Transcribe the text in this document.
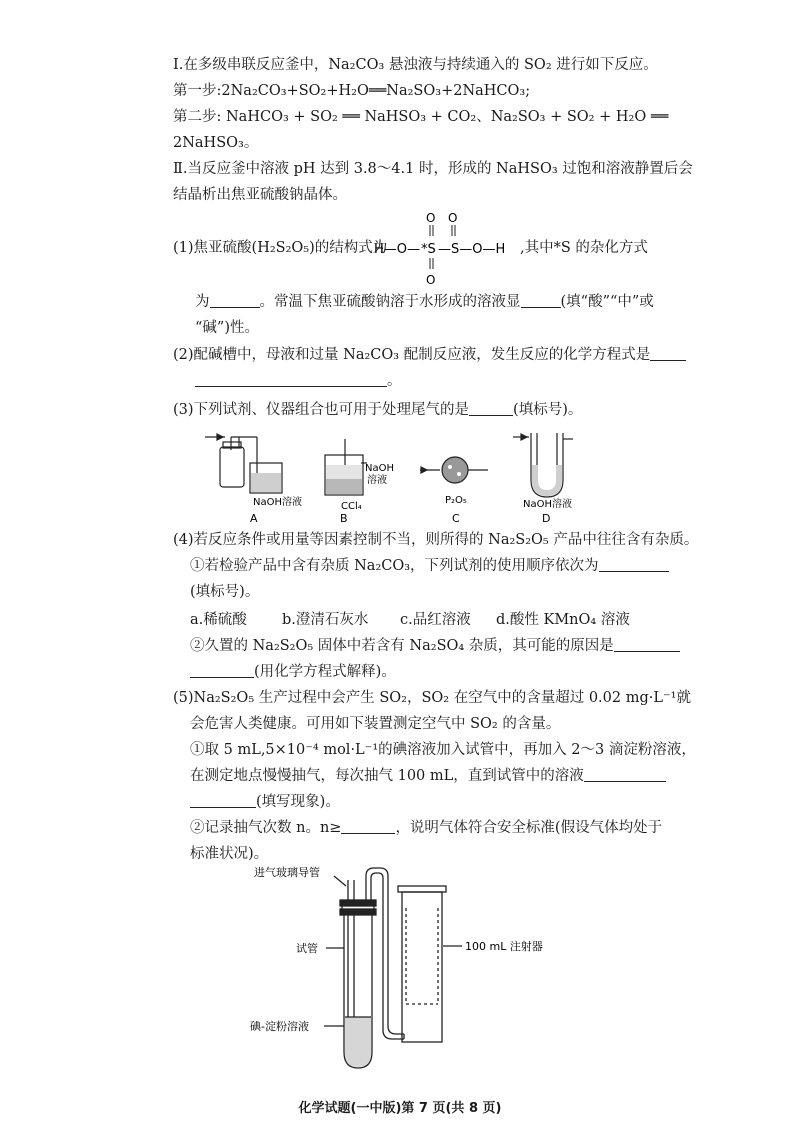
Ⅰ.在多级串联反应釜中，Na₂CO₃ 悬浊液与持续通入的 SO₂ 进行如下反应。
第一步:2Na₂CO₃+SO₂+H₂O══Na₂SO₃+2NaHCO₃;
第二步: NaHCO₃ + SO₂ ══ NaHSO₃ + CO₂、Na₂SO₃ + SO₂ + H₂O ══
2NaHSO₃。
Ⅱ.当反应釜中溶液 pH 达到 3.8～4.1 时，形成的 NaHSO₃ 过饱和溶液静置后会
结晶析出焦亚硫酸钠晶体。
(1)焦亚硫酸(H₂S₂O₅)的结构式为
O O
H—O— *S —S—O—H
O
,其中*S 的杂化方式
为	。常温下焦亚硫酸钠溶于水形成的溶液显	(填“酸”“中”或
“碱”)性。
(2)配碱槽中，母液和过量 Na₂CO₃ 配制反应液，发生反应的化学方程式是
。
(3)下列试剂、仪器组合也可用于处理尾气的是	(填标号)。
NaOH溶液
NaOH
溶液
CCl₄
P₂O₅	NaOH溶液
A	B	C	D
(4)若反应条件或用量等因素控制不当，则所得的 Na₂S₂O₅ 产品中往往含有杂质。
①若检验产品中含有杂质 Na₂CO₃，下列试剂的使用顺序依次为
(填标号)。
a.稀硫酸 b.澄清石灰水 c.品红溶液 d.酸性 KMnO₄ 溶液
②久置的 Na₂S₂O₅ 固体中若含有 Na₂SO₄ 杂质，其可能的原因是
(用化学方程式解释)。
(5)Na₂S₂O₅ 生产过程中会产生 SO₂，SO₂ 在空气中的含量超过 0.02 mg·L⁻¹就
会危害人类健康。可用如下装置测定空气中 SO₂ 的含量。
①取 5 mL,5×10⁻⁴ mol·L⁻¹的碘溶液加入试管中，再加入 2～3 滴淀粉溶液，
在测定地点慢慢抽气，每次抽气 100 mL，直到试管中的溶液
(填写现象)。
②记录抽气次数 n。n≥	，说明气体符合安全标准(假设气体均处于
标准状况)。
进气玻璃导管
试管
碘-淀粉溶液
100 mL 注射器
化学试题(一中版)第 7 页(共 8 页)
